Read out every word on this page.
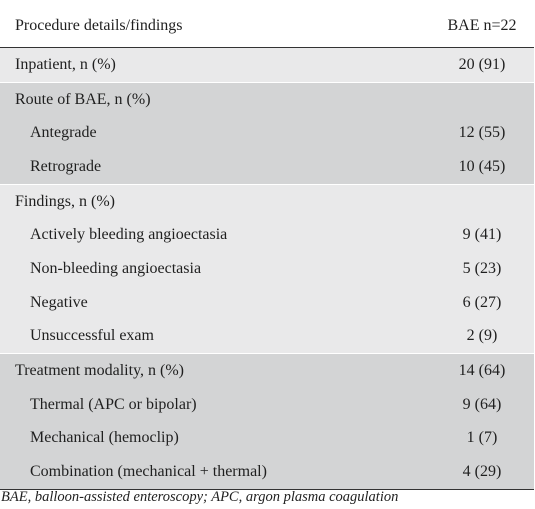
Procedure details/findings	BAE n=22
Inpatient, n (%)	20 (91)
Route of BAE, n (%)	
Antegrade	12 (55)
Retrograde	10 (45)
Findings, n (%)	
Actively bleeding angioectasia	9 (41)
Non-bleeding angioectasia	5 (23)
Negative	6 (27)
Unsuccessful exam	2 (9)
Treatment modality, n (%)	14 (64)
Thermal (APC or bipolar)	9 (64)
Mechanical (hemoclip)	1 (7)
Combination (mechanical + thermal)	4 (29)
BAE, balloon-assisted enteroscopy; APC, argon plasma coagulation
